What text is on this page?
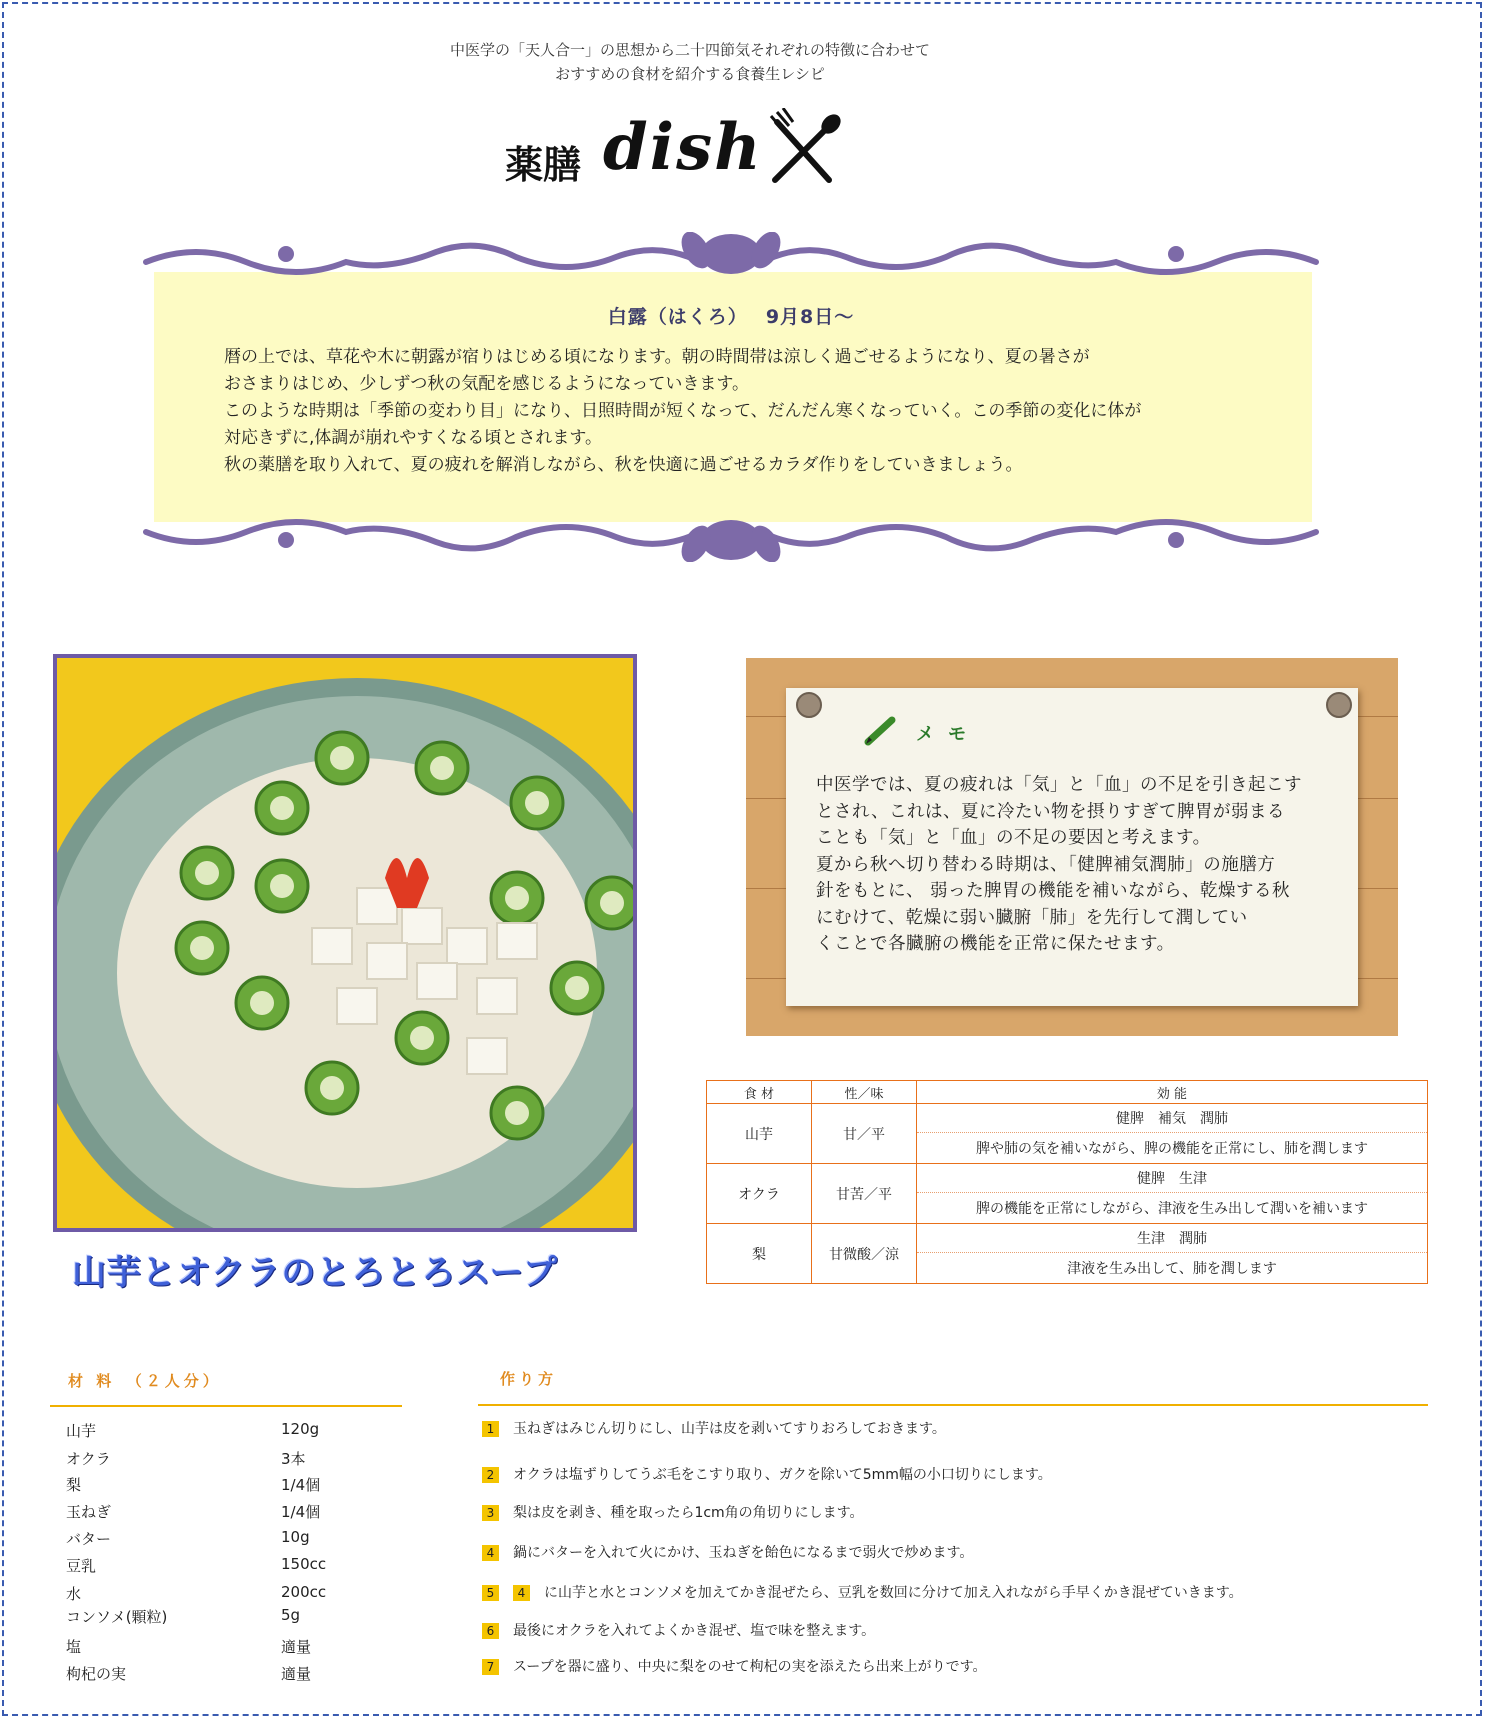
中医学の「天人合一」の思想から二十四節気それぞれの特徴に合わせて
おすすめの食材を紹介する食養生レシピ
薬膳 dish
白露（はくろ）　 9月8日～
暦の上では、草花や木に朝露が宿りはじめる頃になります。朝の時間帯は涼しく過ごせるようになり、夏の暑さが
おさまりはじめ、少しずつ秋の気配を感じるようになっていきます。
このような時期は「季節の変わり目」になり、日照時間が短くなって、だんだん寒くなっていく。この季節の変化に体が
対応きずに,体調が崩れやすくなる頃とされます。
秋の薬膳を取り入れて、夏の疲れを解消しながら、秋を快適に過ごせるカラダ作りをしていきましょう。
山芋とオクラのとろとろスープ
メモ
中医学では、夏の疲れは「気」と「血」の不足を引き起こす
とされ、これは、夏に冷たい物を摂りすぎて脾胃が弱まる
ことも「気」と「血」の不足の要因と考えます。
夏から秋へ切り替わる時期は、「健脾補気潤肺」の施膳方
針をもとに、 弱った脾胃の機能を補いながら、乾燥する秋
にむけて、乾燥に弱い臓腑「肺」を先行して潤してい
くことで各臓腑の機能を正常に保たせます。
食 材	性／味	効 能
山芋	甘／平	健脾　補気　潤肺
		脾や肺の気を補いながら、脾の機能を正常にし、肺を潤します
オクラ	甘苦／平	健脾　生津
		脾の機能を正常にしながら、津液を生み出して潤いを補います
梨	甘微酸／涼	生津　潤肺
		津液を生み出して、肺を潤します
材 料　（２人分）
山芋	120g
オクラ	3本
梨	1/4個
玉ねぎ	1/4個
バター	10g
豆乳	150cc
水	200cc
コンソメ(顆粒)	5g
塩	適量
枸杞の実	適量
作り方
1 玉ねぎはみじん切りにし、山芋は皮を剥いてすりおろしておきます。
2 オクラは塩ずりしてうぶ毛をこすり取り、ガクを除いて5mm幅の小口切りにします。
3 梨は皮を剥き、種を取ったら1cm角の角切りにします。
4 鍋にバターを入れて火にかけ、玉ねぎを飴色になるまで弱火で炒めます。
5 4 に山芋と水とコンソメを加えてかき混ぜたら、豆乳を数回に分けて加え入れながら手早くかき混ぜていきます。
6 最後にオクラを入れてよくかき混ぜ、塩で味を整えます。
7 スープを器に盛り、中央に梨をのせて枸杞の実を添えたら出来上がりです。
